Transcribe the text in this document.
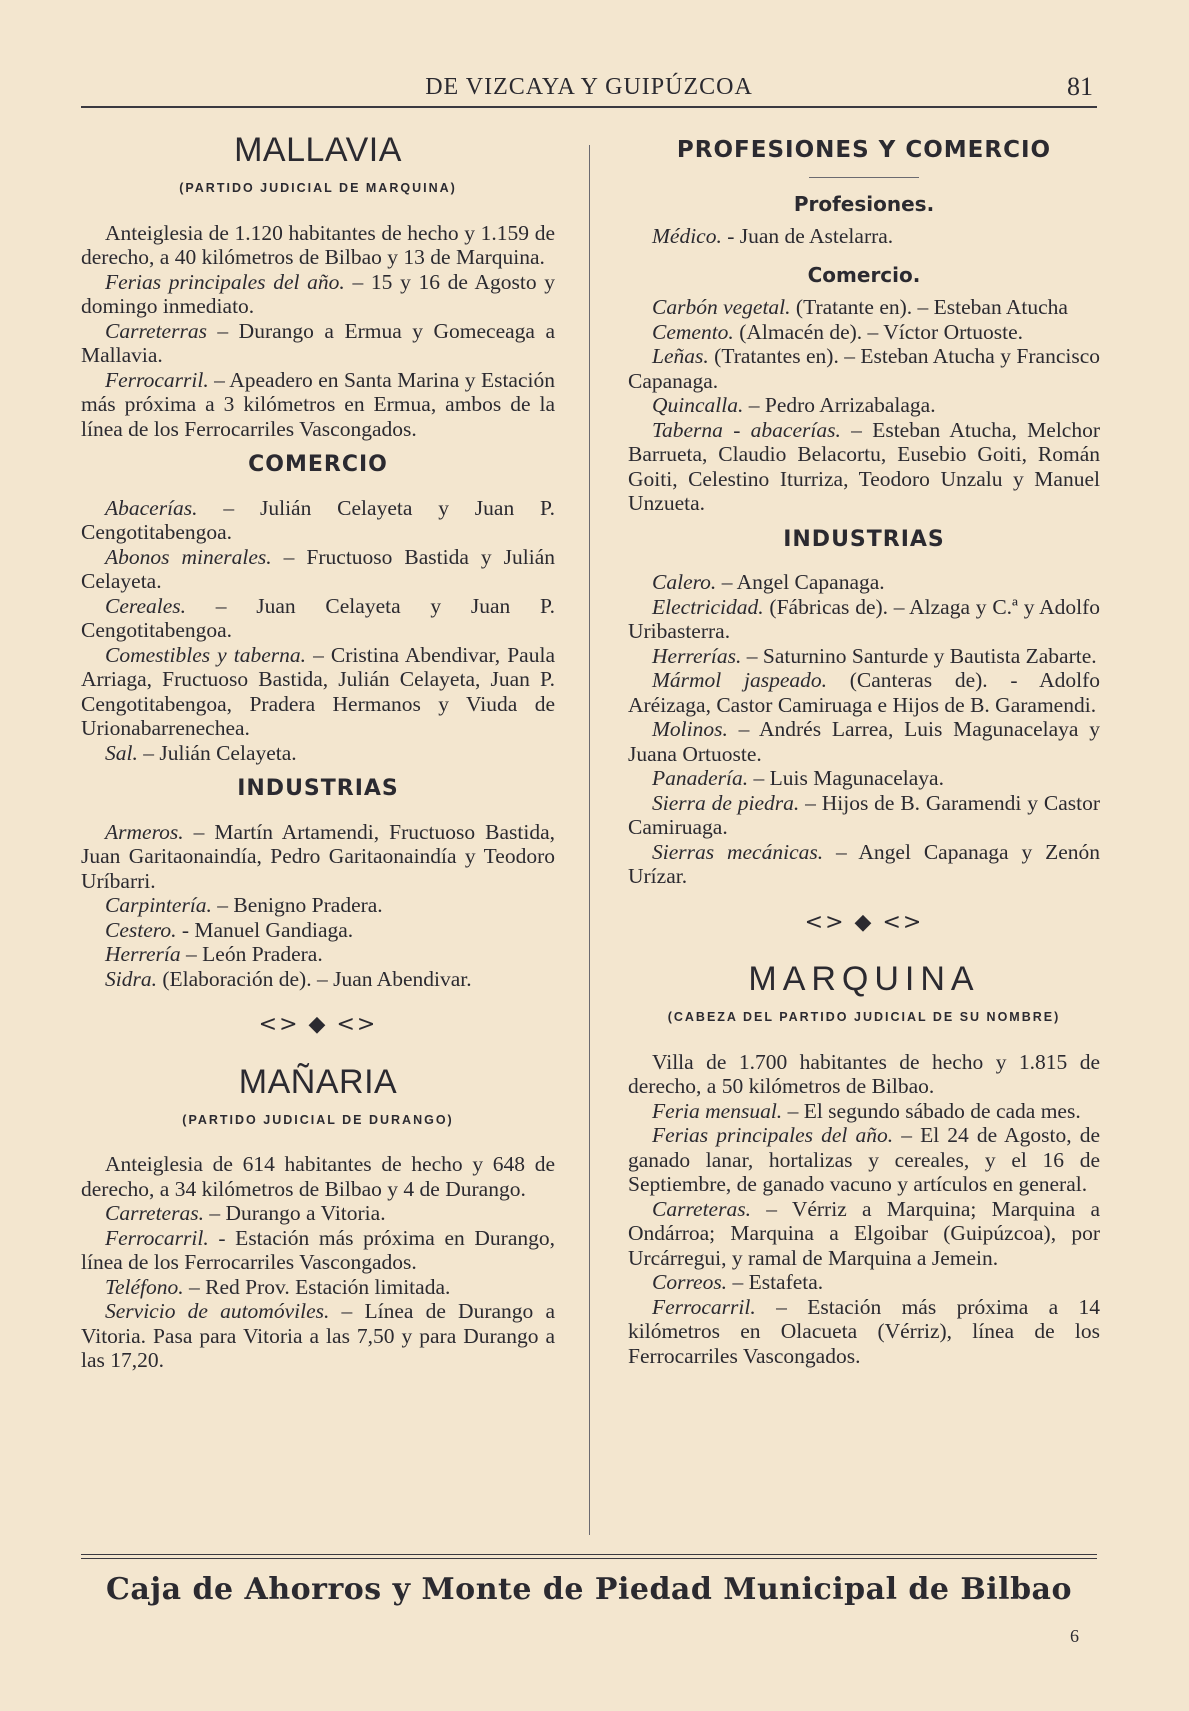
DE VIZCAYA Y GUIPÚZCOA	81
MALLAVIA
(PARTIDO JUDICIAL DE MARQUINA)

Anteiglesia de 1.120 habitantes de hecho y 1.159 de derecho, a 40 kilómetros de Bilbao y 13 de Marquina.

Ferias principales del año. – 15 y 16 de Agosto y domingo inmediato.

Carreterras – Durango a Ermua y Gomeceaga a Mallavia.

Ferrocarril. – Apeadero en Santa Marina y Estación más próxima a 3 kilómetros en Ermua, ambos de la línea de los Ferrocarriles Vascongados.

COMERCIO

Abacerías. – Julián Celayeta y Juan P. Cengotitabengoa.

Abonos minerales. – Fructuoso Bastida y Julián Celayeta.

Cereales. – Juan Celayeta y Juan P. Cengotitabengoa.

Comestibles y taberna. – Cristina Abendivar, Paula Arriaga, Fructuoso Bastida, Julián Celayeta, Juan P. Cengotitabengoa, Pradera Hermanos y Viuda de Urionabarrenechea.

Sal. – Julián Celayeta.

INDUSTRIAS

Armeros. – Martín Artamendi, Fructuoso Bastida, Juan Garitaonaindía, Pedro Garitaonaindía y Teodoro Uríbarri.

Carpintería. – Benigno Pradera.

Cestero. - Manuel Gandiaga.

Herrería – León Pradera.

Sidra. (Elaboración de). – Juan Abendivar.

<> ◆ <>
MAÑARIA
(PARTIDO JUDICIAL DE DURANGO)

Anteiglesia de 614 habitantes de hecho y 648 de derecho, a 34 kilómetros de Bilbao y 4 de Durango.

Carreteras. – Durango a Vitoria.

Ferrocarril. - Estación más próxima en Durango, línea de los Ferrocarriles Vascongados.

Teléfono. – Red Prov. Estación limitada.

Servicio de automóviles. – Línea de Durango a Vitoria. Pasa para Vitoria a las 7,50 y para Durango a las 17,20.

PROFESIONES Y COMERCIO
Profesiones.

Médico. - Juan de Astelarra.

Comercio.

Carbón vegetal. (Tratante en). – Esteban Atucha

Cemento. (Almacén de). – Víctor Ortuoste.

Leñas. (Tratantes en). – Esteban Atucha y Francisco Capanaga.

Quincalla. – Pedro Arrizabalaga.

Taberna - abacerías. – Esteban Atucha, Melchor Barrueta, Claudio Belacortu, Eusebio Goiti, Román Goiti, Celestino Iturriza, Teodoro Unzalu y Manuel Unzueta.

INDUSTRIAS

Calero. – Angel Capanaga.

Electricidad. (Fábricas de). – Alzaga y C.ª y Adolfo Uribasterra.

Herrerías. – Saturnino Santurde y Bautista Zabarte.

Mármol jaspeado. (Canteras de). - Adolfo Aréizaga, Castor Camiruaga e Hijos de B. Garamendi.

Molinos. – Andrés Larrea, Luis Magunacelaya y Juana Ortuoste.

Panadería. – Luis Magunacelaya.

Sierra de piedra. – Hijos de B. Garamendi y Castor Camiruaga.

Sierras mecánicas. – Angel Capanaga y Zenón Urízar.

<> ◆ <>
MARQUINA
(CABEZA DEL PARTIDO JUDICIAL DE SU NOMBRE)

Villa de 1.700 habitantes de hecho y 1.815 de derecho, a 50 kilómetros de Bilbao.

Feria mensual. – El segundo sábado de cada mes.

Ferias principales del año. – El 24 de Agosto, de ganado lanar, hortalizas y cereales, y el 16 de Septiembre, de ganado vacuno y artículos en general.

Carreteras. – Vérriz a Marquina; Marquina a Ondárroa; Marquina a Elgoibar (Guipúzcoa), por Urcárregui, y ramal de Marquina a Jemein.

Correos. – Estafeta.

Ferrocarril. – Estación más próxima a 14 kilómetros en Olacueta (Vérriz), línea de los Ferrocarriles Vascongados.

Caja de Ahorros y Monte de Piedad Municipal de Bilbao
6
